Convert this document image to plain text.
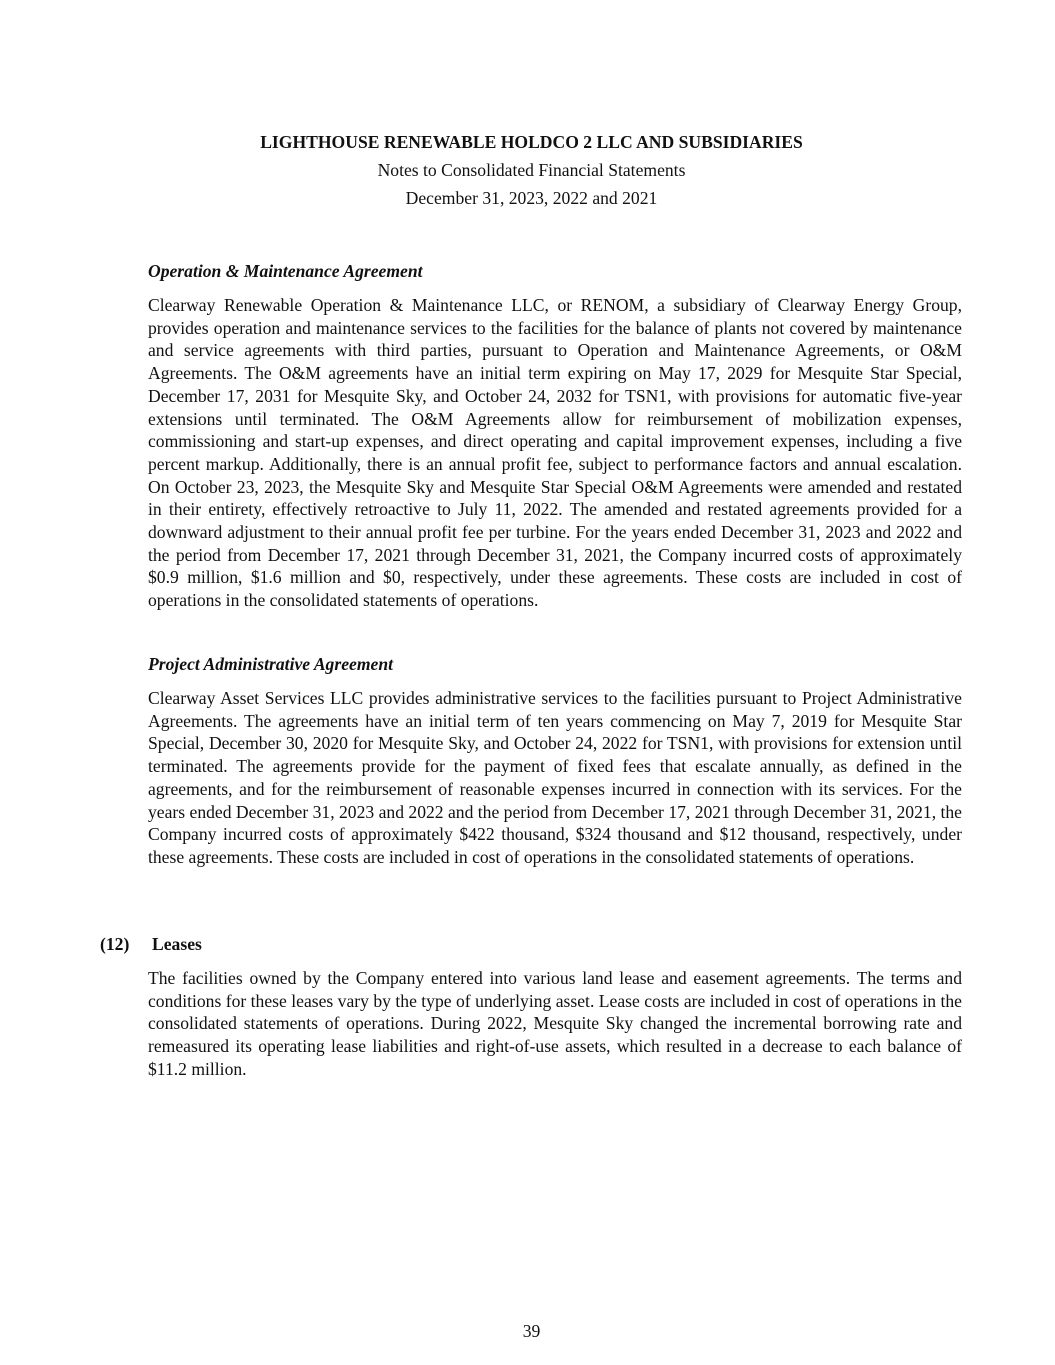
LIGHTHOUSE RENEWABLE HOLDCO 2 LLC AND SUBSIDIARIES
Notes to Consolidated Financial Statements
December 31, 2023, 2022 and 2021
Operation & Maintenance Agreement

Clearway Renewable Operation & Maintenance LLC, or RENOM, a subsidiary of Clearway Energy Group, provides operation and maintenance services to the facilities for the balance of plants not covered by maintenance and service agreements with third parties, pursuant to Operation and Maintenance Agreements, or O&M Agreements. The O&M agreements have an initial term expiring on May 17, 2029 for Mesquite Star Special, December 17, 2031 for Mesquite Sky, and October 24, 2032 for TSN1, with provisions for automatic five-year extensions until terminated. The O&M Agreements allow for reimbursement of mobilization expenses, commissioning and start-up expenses, and direct operating and capital improvement expenses, including a five percent markup. Additionally, there is an annual profit fee, subject to performance factors and annual escalation. On October 23, 2023, the Mesquite Sky and Mesquite Star Special O&M Agreements were amended and restated in their entirety, effectively retroactive to July 11, 2022. The amended and restated agreements provided for a downward adjustment to their annual profit fee per turbine. For the years ended December 31, 2023 and 2022 and the period from December 17, 2021 through December 31, 2021, the Company incurred costs of approximately $0.9 million, $1.6 million and $0, respectively, under these agreements. These costs are included in cost of operations in the consolidated statements of operations.

Project Administrative Agreement

Clearway Asset Services LLC provides administrative services to the facilities pursuant to Project Administrative Agreements. The agreements have an initial term of ten years commencing on May 7, 2019 for Mesquite Star Special, December 30, 2020 for Mesquite Sky, and October 24, 2022 for TSN1, with provisions for extension until terminated. The agreements provide for the payment of fixed fees that escalate annually, as defined in the agreements, and for the reimbursement of reasonable expenses incurred in connection with its services. For the years ended December 31, 2023 and 2022 and the period from December 17, 2021 through December 31, 2021, the Company incurred costs of approximately $422 thousand, $324 thousand and $12 thousand, respectively, under these agreements. These costs are included in cost of operations in the consolidated statements of operations.

(12) Leases

The facilities owned by the Company entered into various land lease and easement agreements. The terms and conditions for these leases vary by the type of underlying asset. Lease costs are included in cost of operations in the consolidated statements of operations. During 2022, Mesquite Sky changed the incremental borrowing rate and remeasured its operating lease liabilities and right-of-use assets, which resulted in a decrease to each balance of $11.2 million.

39
